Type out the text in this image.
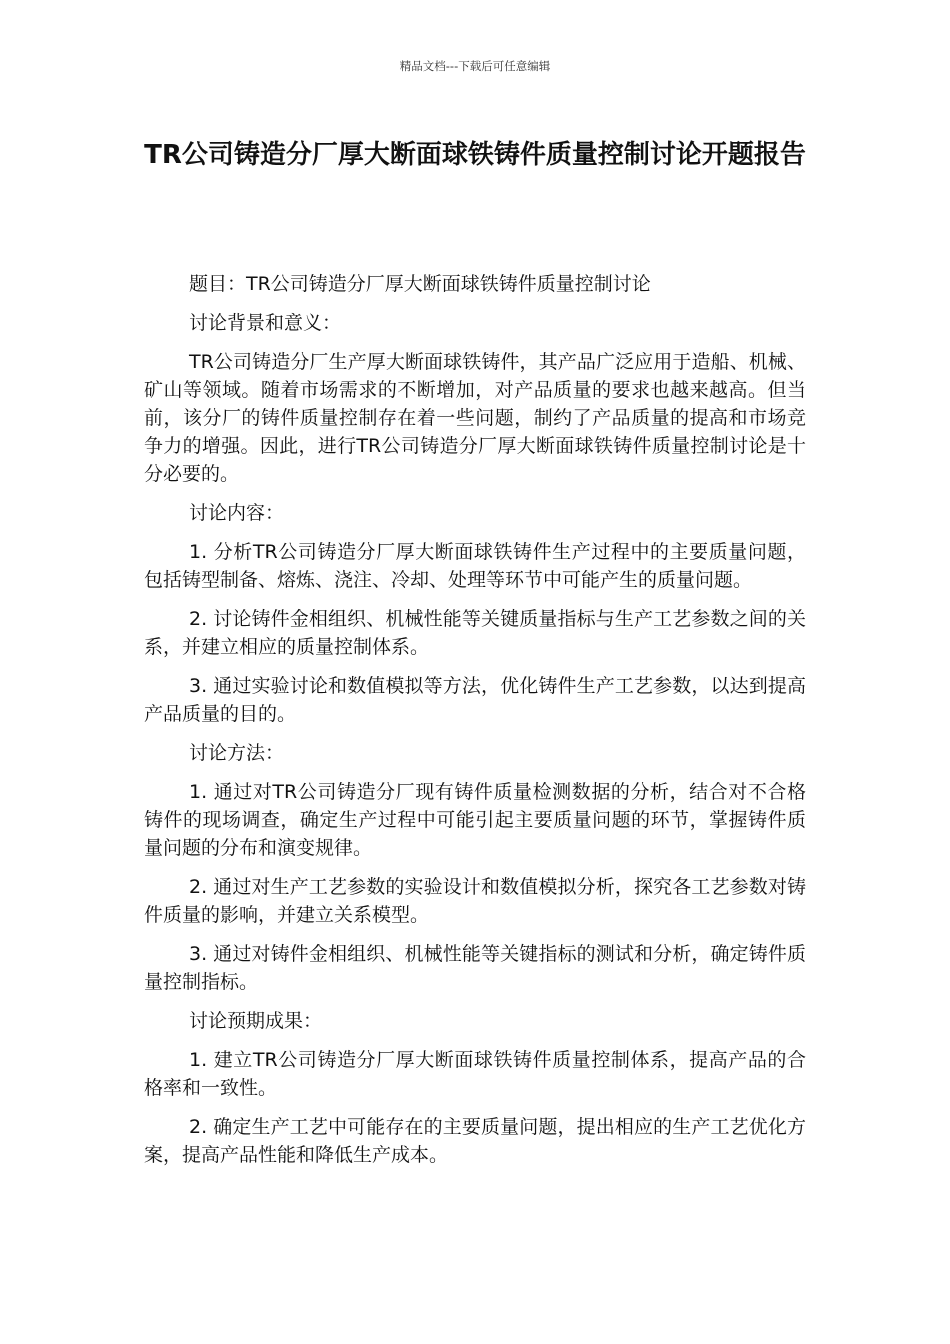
精品文档---下载后可任意编辑
TR公司铸造分厂厚大断面球铁铸件质量控制讨论开题报告

题目：TR公司铸造分厂厚大断面球铁铸件质量控制讨论

讨论背景和意义：

TR公司铸造分厂生产厚大断面球铁铸件，其产品广泛应用于造船、机械、矿山等领域。随着市场需求的不断增加，对产品质量的要求也越来越高。但当前，该分厂的铸件质量控制存在着一些问题，制约了产品质量的提高和市场竞争力的增强。因此，进行TR公司铸造分厂厚大断面球铁铸件质量控制讨论是十分必要的。

讨论内容：

1. 分析TR公司铸造分厂厚大断面球铁铸件生产过程中的主要质量问题，包括铸型制备、熔炼、浇注、冷却、处理等环节中可能产生的质量问题。

2. 讨论铸件金相组织、机械性能等关键质量指标与生产工艺参数之间的关系，并建立相应的质量控制体系。

3. 通过实验讨论和数值模拟等方法，优化铸件生产工艺参数，以达到提高产品质量的目的。

讨论方法：

1. 通过对TR公司铸造分厂现有铸件质量检测数据的分析，结合对不合格铸件的现场调查，确定生产过程中可能引起主要质量问题的环节，掌握铸件质量问题的分布和演变规律。

2. 通过对生产工艺参数的实验设计和数值模拟分析，探究各工艺参数对铸件质量的影响，并建立关系模型。

3. 通过对铸件金相组织、机械性能等关键指标的测试和分析，确定铸件质量控制指标。

讨论预期成果：

1. 建立TR公司铸造分厂厚大断面球铁铸件质量控制体系，提高产品的合格率和一致性。

2. 确定生产工艺中可能存在的主要质量问题，提出相应的生产工艺优化方案，提高产品性能和降低生产成本。
